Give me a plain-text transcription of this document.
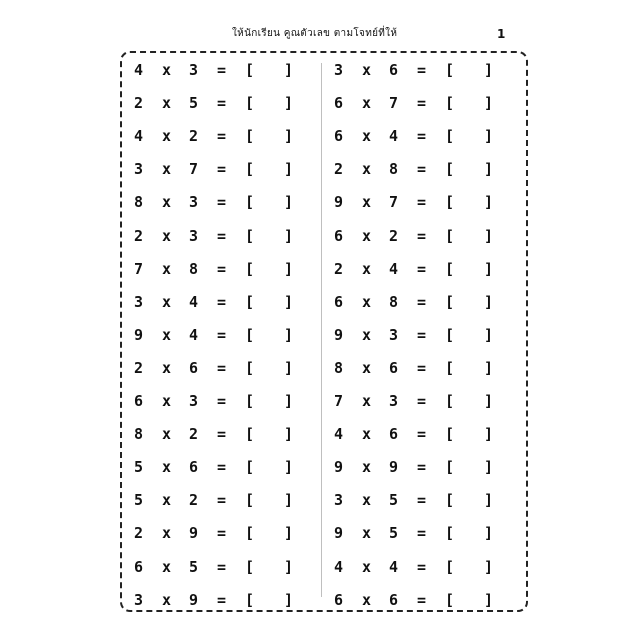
ให้นักเรียน คูณตัวเลข ตามโจทย์ที่ให้	1
4 x 3 = [ ]
2 x 5 = [ ]
4 x 2 = [ ]
3 x 7 = [ ]
8 x 3 = [ ]
2 x 3 = [ ]
7 x 8 = [ ]
3 x 4 = [ ]
9 x 4 = [ ]
2 x 6 = [ ]
6 x 3 = [ ]
8 x 2 = [ ]
5 x 6 = [ ]
5 x 2 = [ ]
2 x 9 = [ ]
6 x 5 = [ ]
3 x 9 = [ ]
3 x 6 = [ ]
6 x 7 = [ ]
6 x 4 = [ ]
2 x 8 = [ ]
9 x 7 = [ ]
6 x 2 = [ ]
2 x 4 = [ ]
6 x 8 = [ ]
9 x 3 = [ ]
8 x 6 = [ ]
7 x 3 = [ ]
4 x 6 = [ ]
9 x 9 = [ ]
3 x 5 = [ ]
9 x 5 = [ ]
4 x 4 = [ ]
6 x 6 = [ ]
